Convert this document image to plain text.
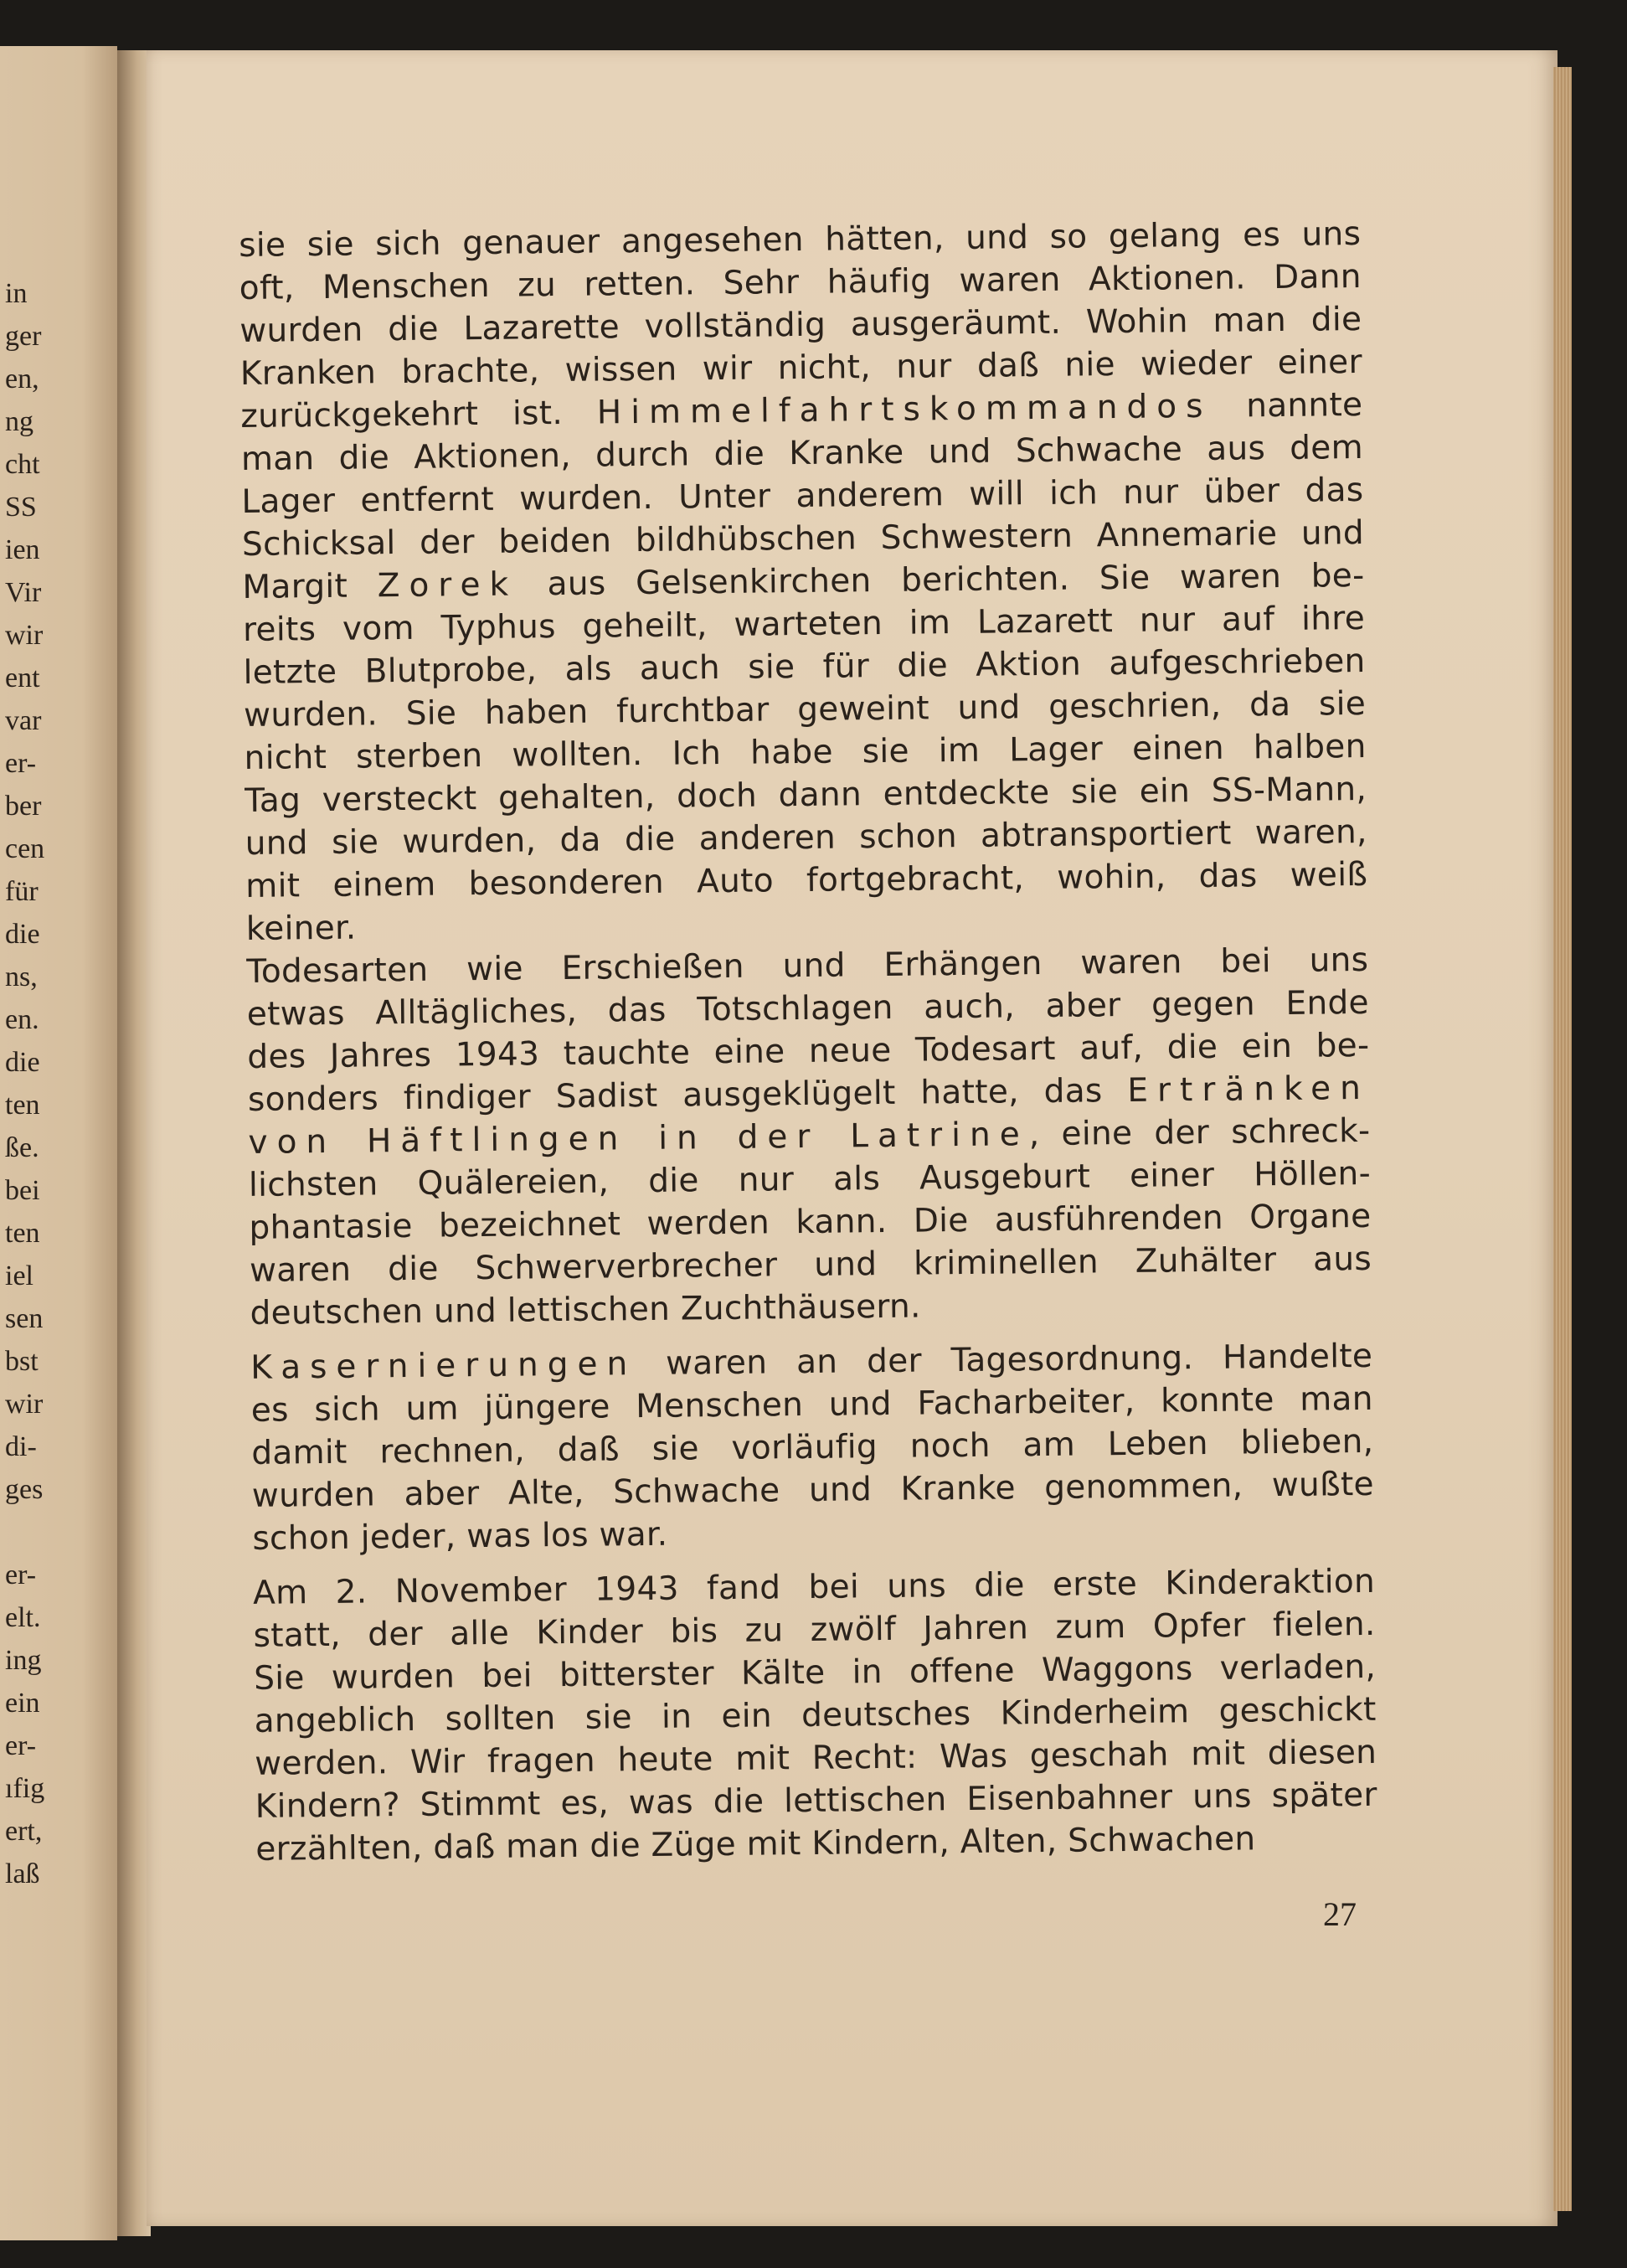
in
ger
en,
ng
cht
SS
ien
Vir
wir
ent
var
er-
ber
cen
für
die
ns,
en.
die
ten
ße.
bei
ten
iel
sen
bst
wir
di-
ges
er-
elt.
ing
ein
er-
ıfig
ert,
laß
sie sie sich genauer angesehen hätten, und so gelang es uns
oft, Menschen zu retten. Sehr häufig waren Aktionen. Dann
wurden die Lazarette vollständig ausgeräumt. Wohin man die
Kranken brachte, wissen wir nicht, nur daß nie wieder einer
zurückgekehrt ist. Himmelfahrtskommandos nannte
man die Aktionen, durch die Kranke und Schwache aus dem
Lager entfernt wurden. Unter anderem will ich nur über das
Schicksal der beiden bildhübschen Schwestern Annemarie und
Margit Zorek aus Gelsenkirchen berichten. Sie waren be-
reits vom Typhus geheilt, warteten im Lazarett nur auf ihre
letzte Blutprobe, als auch sie für die Aktion aufgeschrieben
wurden. Sie haben furchtbar geweint und geschrien, da sie
nicht sterben wollten. Ich habe sie im Lager einen halben
Tag versteckt gehalten, doch dann entdeckte sie ein SS-Mann,
und sie wurden, da die anderen schon abtransportiert waren,
mit einem besonderen Auto fortgebracht, wohin, das weiß
keiner.
Todesarten wie Erschießen und Erhängen waren bei uns
etwas Alltägliches, das Totschlagen auch, aber gegen Ende
des Jahres 1943 tauchte eine neue Todesart auf, die ein be-
sonders findiger Sadist ausgeklügelt hatte, das Ertränken
von Häftlingen in der Latrine, eine der schreck-
lichsten Quälereien, die nur als Ausgeburt einer Höllen-
phantasie bezeichnet werden kann. Die ausführenden Organe
waren die Schwerverbrecher und kriminellen Zuhälter aus
deutschen und lettischen Zuchthäusern.
Kasernierungen waren an der Tagesordnung. Handelte
es sich um jüngere Menschen und Facharbeiter, konnte man
damit rechnen, daß sie vorläufig noch am Leben blieben,
wurden aber Alte, Schwache und Kranke genommen, wußte
schon jeder, was los war.
Am 2. November 1943 fand bei uns die erste Kinderaktion
statt, der alle Kinder bis zu zwölf Jahren zum Opfer fielen.
Sie wurden bei bitterster Kälte in offene Waggons verladen,
angeblich sollten sie in ein deutsches Kinderheim geschickt
werden. Wir fragen heute mit Recht: Was geschah mit diesen
Kindern? Stimmt es, was die lettischen Eisenbahner uns später
erzählten, daß man die Züge mit Kindern, Alten, Schwachen
27
